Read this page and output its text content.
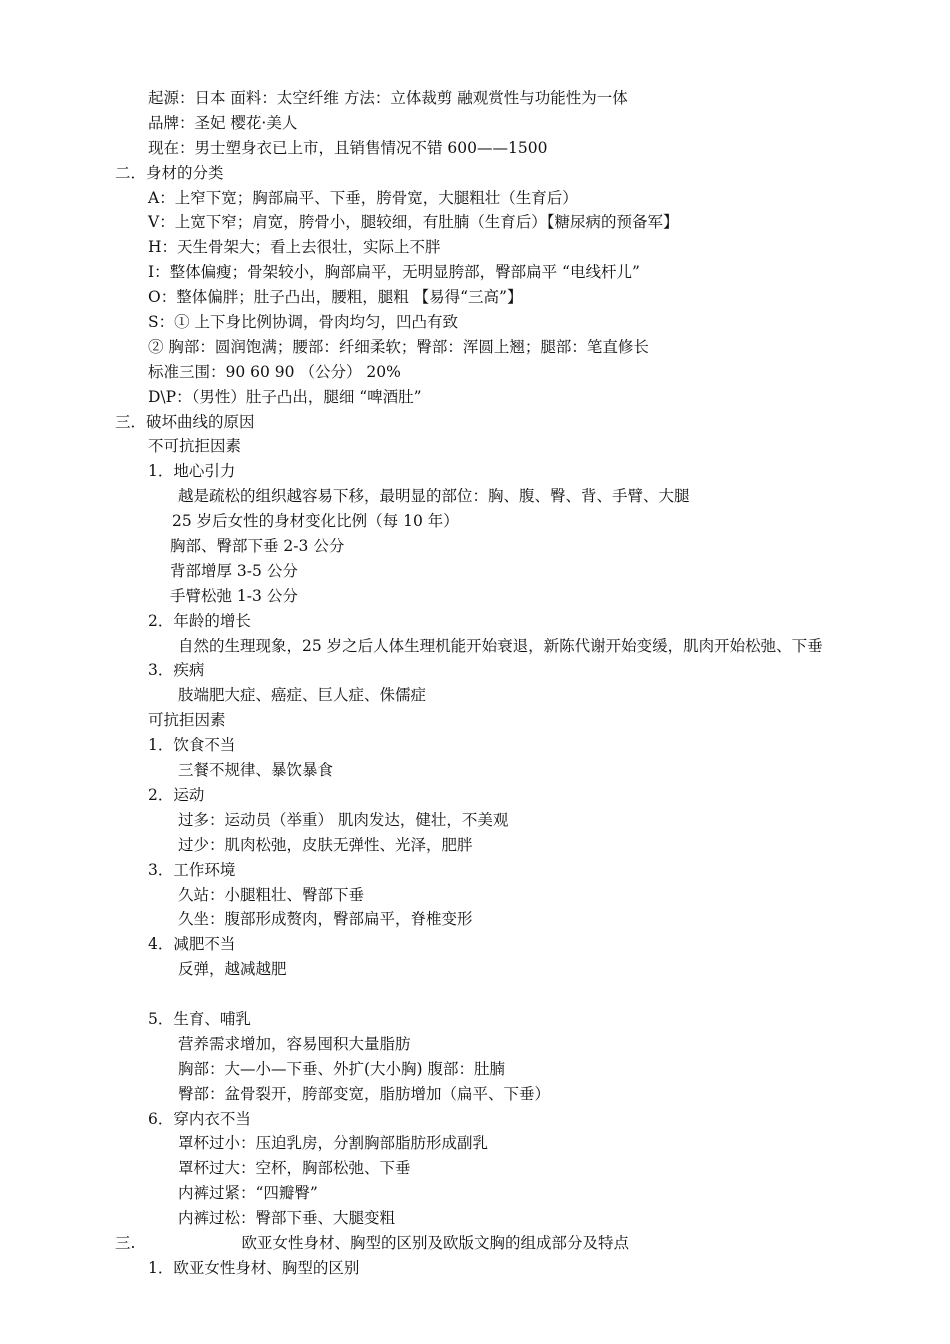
起源：日本 面料：太空纤维 方法：立体裁剪 融观赏性与功能性为一体
品牌：圣妃 樱花·美人
现在：男士塑身衣已上市，且销售情况不错 600——1500
二．身材的分类
A：上窄下宽；胸部扁平、下垂，胯骨宽，大腿粗壮（生育后）
V：上宽下窄；肩宽，胯骨小，腿较细，有肚腩（生育后）【糖尿病的预备军】
H：天生骨架大；看上去很壮，实际上不胖
I：整体偏瘦；骨架较小，胸部扁平，无明显胯部，臀部扁平 “电线杆儿”
O：整体偏胖；肚子凸出，腰粗，腿粗 【易得“三高”】
S：① 上下身比例协调，骨肉均匀，凹凸有致
② 胸部：圆润饱满；腰部：纤细柔软；臀部：浑圆上翘；腿部：笔直修长
标准三围：90 60 90 （公分） 20%
D\P：（男性）肚子凸出，腿细 “啤酒肚”
三．破坏曲线的原因
不可抗拒因素
1．地心引力
越是疏松的组织越容易下移，最明显的部位：胸、腹、臀、背、手臂、大腿
25 岁后女性的身材变化比例（每 10 年）
胸部、臀部下垂 2-3 公分
背部增厚 3-5 公分
手臂松弛 1-3 公分
2．年龄的增长
自然的生理现象，25 岁之后人体生理机能开始衰退，新陈代谢开始变缓，肌肉开始松弛、下垂
3．疾病
肢端肥大症、癌症、巨人症、侏儒症
可抗拒因素
1．饮食不当
三餐不规律、暴饮暴食
2．运动
过多：运动员（举重） 肌肉发达，健壮，不美观
过少：肌肉松弛，皮肤无弹性、光泽，肥胖
3．工作环境
久站：小腿粗壮、臀部下垂
久坐：腹部形成赘肉，臀部扁平，脊椎变形
4．减肥不当
反弹，越减越肥
5．生育、哺乳
营养需求增加，容易囤积大量脂肪
胸部：大—小—下垂、外扩(大小胸) 腹部：肚腩
臀部：盆骨裂开，胯部变宽，脂肪增加（扁平、下垂）
6．穿内衣不当
罩杯过小：压迫乳房，分割胸部脂肪形成副乳
罩杯过大：空杯，胸部松弛、下垂
内裤过紧：“四瓣臀”
内裤过松：臀部下垂、大腿变粗
三.	欧亚女性身材、胸型的区别及欧版文胸的组成部分及特点
1．欧亚女性身材、胸型的区别
